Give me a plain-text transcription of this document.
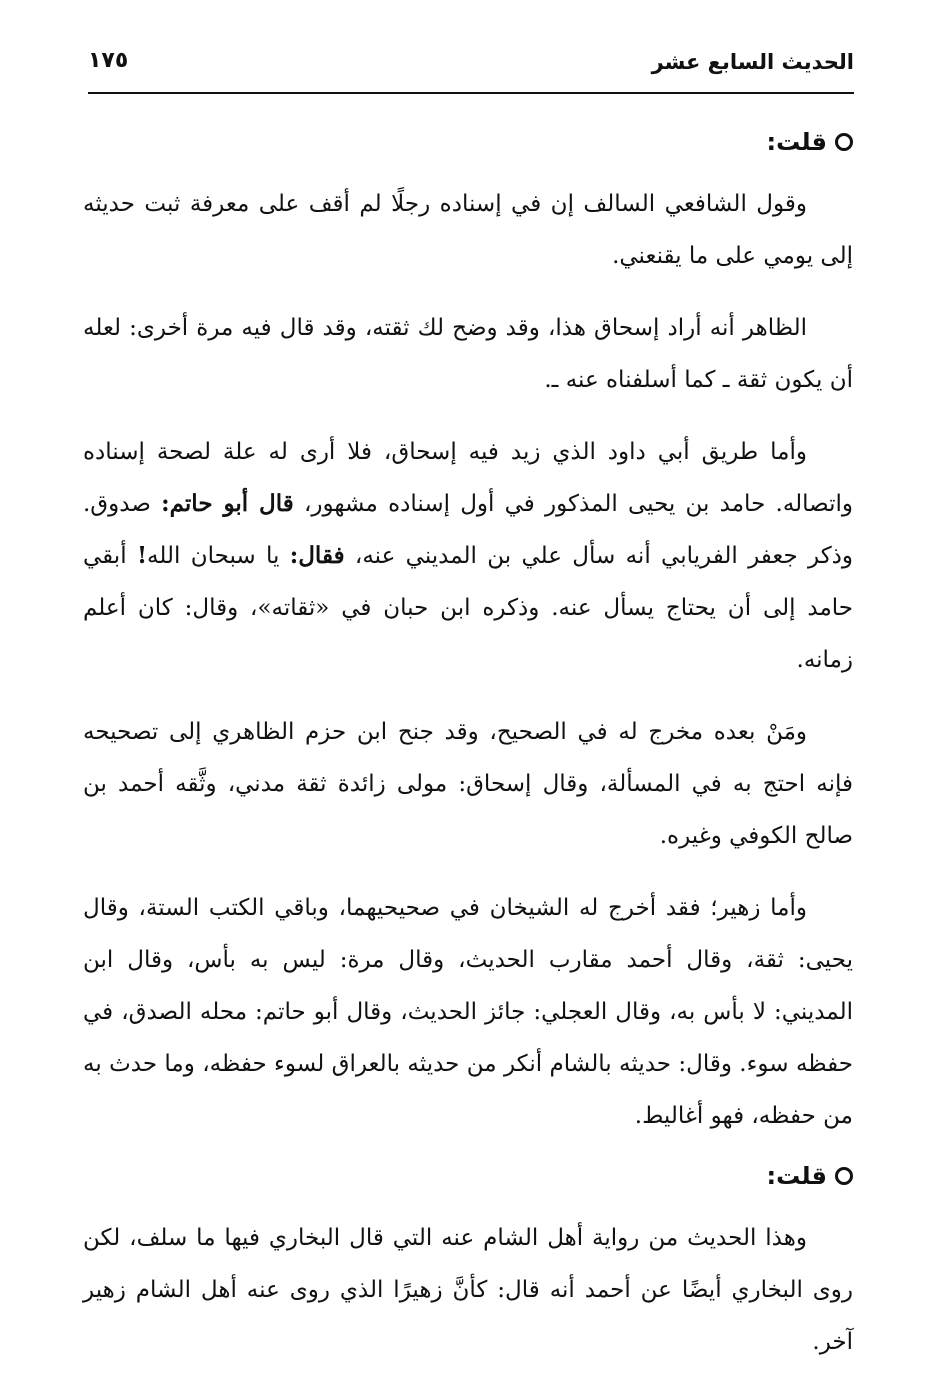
الحديث السابع عشر
١٧٥
قلت:

وقول الشافعي السالف إن في إسناده رجلًا لم أقف على معرفة ثبت حديثه إلى يومي على ما يقنعني.

الظاهر أنه أراد إسحاق هذا، وقد وضح لك ثقته، وقد قال فيه مرة أخرى: لعله أن يكون ثقة ـ كما أسلفناه عنه ـ.

وأما طريق أبي داود الذي زيد فيه إسحاق، فلا أرى له علة لصحة إسناده واتصاله. حامد بن يحيى المذكور في أول إسناده مشهور، قال أبو حاتم: صدوق. وذكر جعفر الفريابي أنه سأل علي بن المديني عنه، فقال: يا سبحان الله! أبقي حامد إلى أن يحتاج يسأل عنه. وذكره ابن حبان في «ثقاته»، وقال: كان أعلم زمانه.

ومَنْ بعده مخرج له في الصحيح، وقد جنح ابن حزم الظاهري إلى تصحيحه فإنه احتج به في المسألة، وقال إسحاق: مولى زائدة ثقة مدني، وثَّقه أحمد بن صالح الكوفي وغيره.

وأما زهير؛ فقد أخرج له الشيخان في صحيحيهما، وباقي الكتب الستة، وقال يحيى: ثقة، وقال أحمد مقارب الحديث، وقال مرة: ليس به بأس، وقال ابن المديني: لا بأس به، وقال العجلي: جائز الحديث، وقال أبو حاتم: محله الصدق، في حفظه سوء. وقال: حديثه بالشام أنكر من حديثه بالعراق لسوء حفظه، وما حدث به من حفظه، فهو أغاليط.

قلت:

وهذا الحديث من رواية أهل الشام عنه التي قال البخاري فيها ما سلف، لكن روى البخاري أيضًا عن أحمد أنه قال: كأنَّ زهيرًا الذي روى عنه أهل الشام زهير آخر.
